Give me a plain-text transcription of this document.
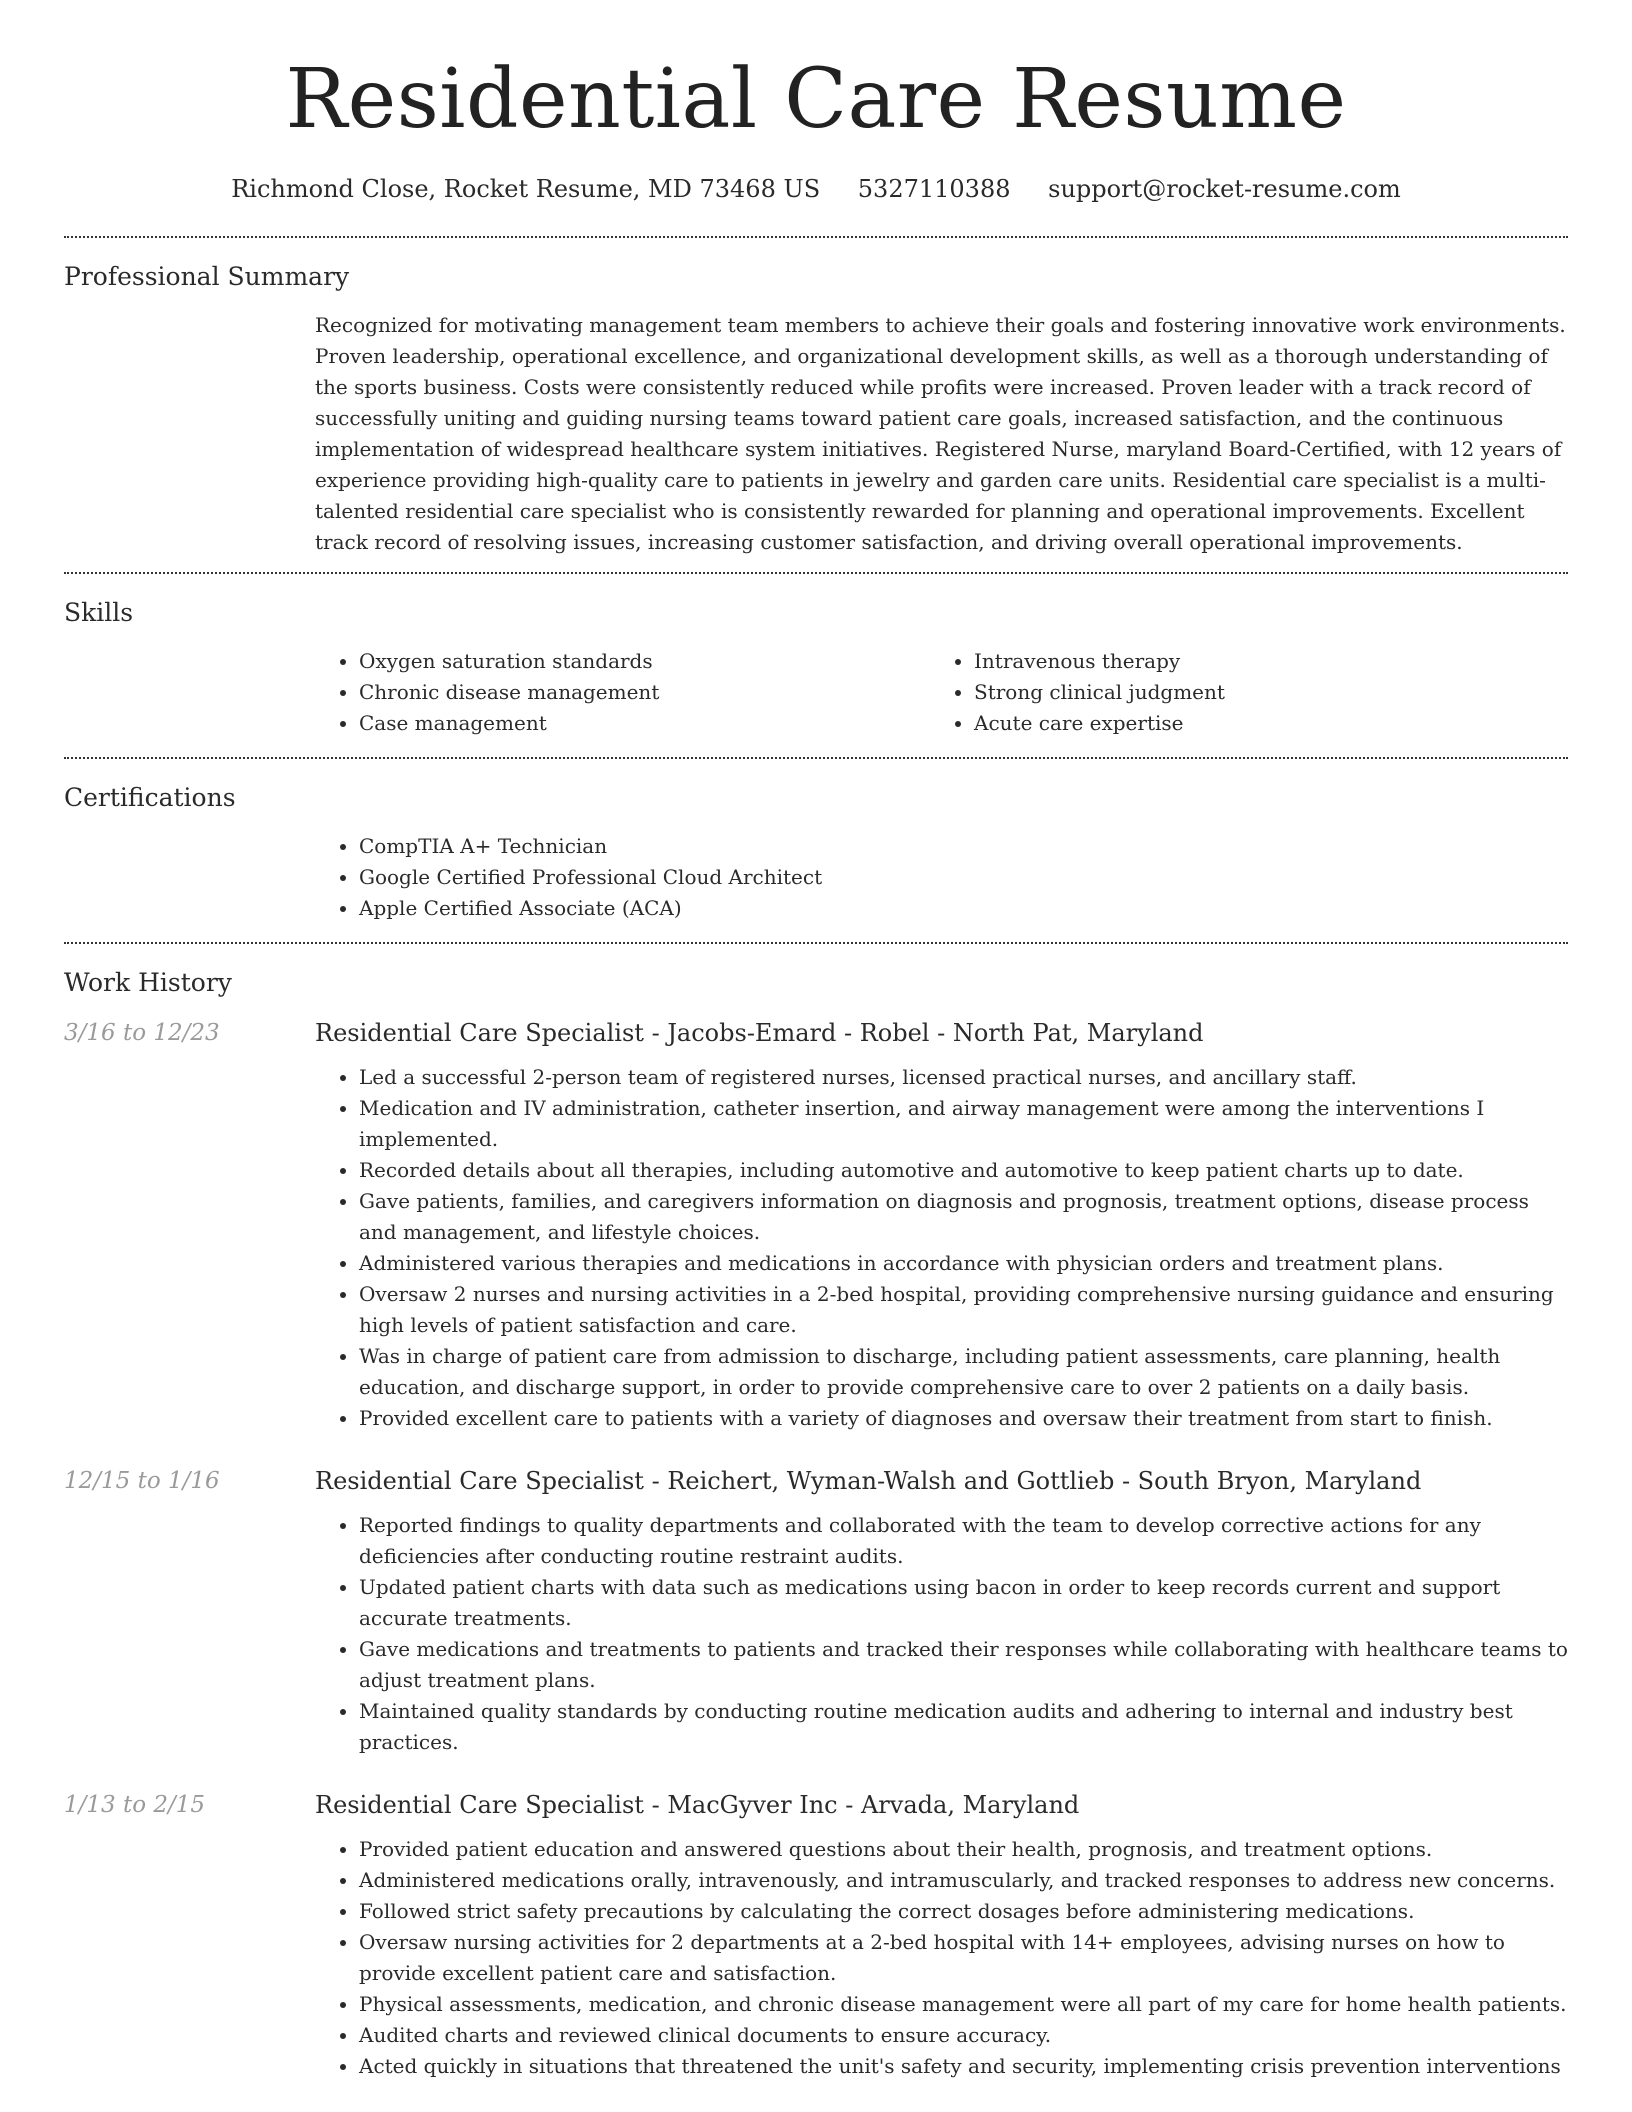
Residential Care Resume
Richmond Close, Rocket Resume, MD 73468 US 5327110388 support@rocket-resume.com
Professional Summary

Recognized for motivating management team members to achieve their goals and fostering innovative work environments. Proven leadership, operational excellence, and organizational development skills, as well as a thorough understanding of the sports business. Costs were consistently reduced while profits were increased. Proven leader with a track record of successfully uniting and guiding nursing teams toward patient care goals, increased satisfaction, and the continuous implementation of widespread healthcare system initiatives. Registered Nurse, maryland Board-Certified, with 12 years of experience providing high-quality care to patients in jewelry and garden care units. Residential care specialist is a multi-talented residential care specialist who is consistently rewarded for planning and operational improvements. Excellent track record of resolving issues, increasing customer satisfaction, and driving overall operational improvements.

Skills
• Oxygen saturation standards
• Chronic disease management
• Case management
• Intravenous therapy
• Strong clinical judgment
• Acute care expertise
Certifications
• CompTIA A+ Technician
• Google Certified Professional Cloud Architect
• Apple Certified Associate (ACA)
Work History
3/16 to 12/23	Residential Care Specialist - Jacobs-Emard - Robel - North Pat, Maryland
• Led a successful 2-person team of registered nurses, licensed practical nurses, and ancillary staff.
• Medication and IV administration, catheter insertion, and airway management were among the interventions I implemented.
• Recorded details about all therapies, including automotive and automotive to keep patient charts up to date.
• Gave patients, families, and caregivers information on diagnosis and prognosis, treatment options, disease process and management, and lifestyle choices.
• Administered various therapies and medications in accordance with physician orders and treatment plans.
• Oversaw 2 nurses and nursing activities in a 2-bed hospital, providing comprehensive nursing guidance and ensuring high levels of patient satisfaction and care.
• Was in charge of patient care from admission to discharge, including patient assessments, care planning, health education, and discharge support, in order to provide comprehensive care to over 2 patients on a daily basis.
• Provided excellent care to patients with a variety of diagnoses and oversaw their treatment from start to finish.
12/15 to 1/16	Residential Care Specialist - Reichert, Wyman-Walsh and Gottlieb - South Bryon, Maryland
• Reported findings to quality departments and collaborated with the team to develop corrective actions for any deficiencies after conducting routine restraint audits.
• Updated patient charts with data such as medications using bacon in order to keep records current and support accurate treatments.
• Gave medications and treatments to patients and tracked their responses while collaborating with healthcare teams to adjust treatment plans.
• Maintained quality standards by conducting routine medication audits and adhering to internal and industry best practices.
1/13 to 2/15	Residential Care Specialist - MacGyver Inc - Arvada, Maryland
• Provided patient education and answered questions about their health, prognosis, and treatment options.
• Administered medications orally, intravenously, and intramuscularly, and tracked responses to address new concerns.
• Followed strict safety precautions by calculating the correct dosages before administering medications.
• Oversaw nursing activities for 2 departments at a 2-bed hospital with 14+ employees, advising nurses on how to provide excellent patient care and satisfaction.
• Physical assessments, medication, and chronic disease management were all part of my care for home health patients.
• Audited charts and reviewed clinical documents to ensure accuracy.
• Acted quickly in situations that threatened the unit's safety and security, implementing crisis prevention interventions
